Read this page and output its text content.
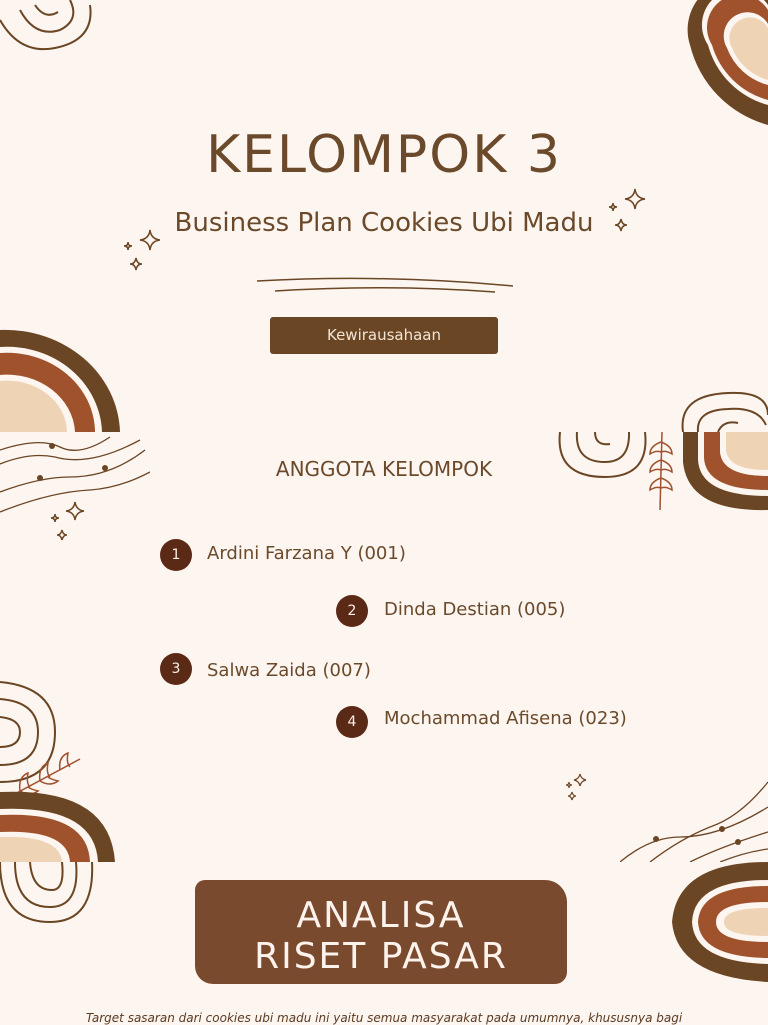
KELOMPOK 3
Business Plan Cookies Ubi Madu
Kewirausahaan
ANGGOTA KELOMPOK
1	Ardini Farzana Y (001)
2	Dinda Destian (005)
3	Salwa Zaida (007)
4	Mochammad Afisena (023)
ANALISA
RISET PASAR
Target sasaran dari cookies ubi madu ini yaitu semua masyarakat pada umumnya, khususnya bagi
